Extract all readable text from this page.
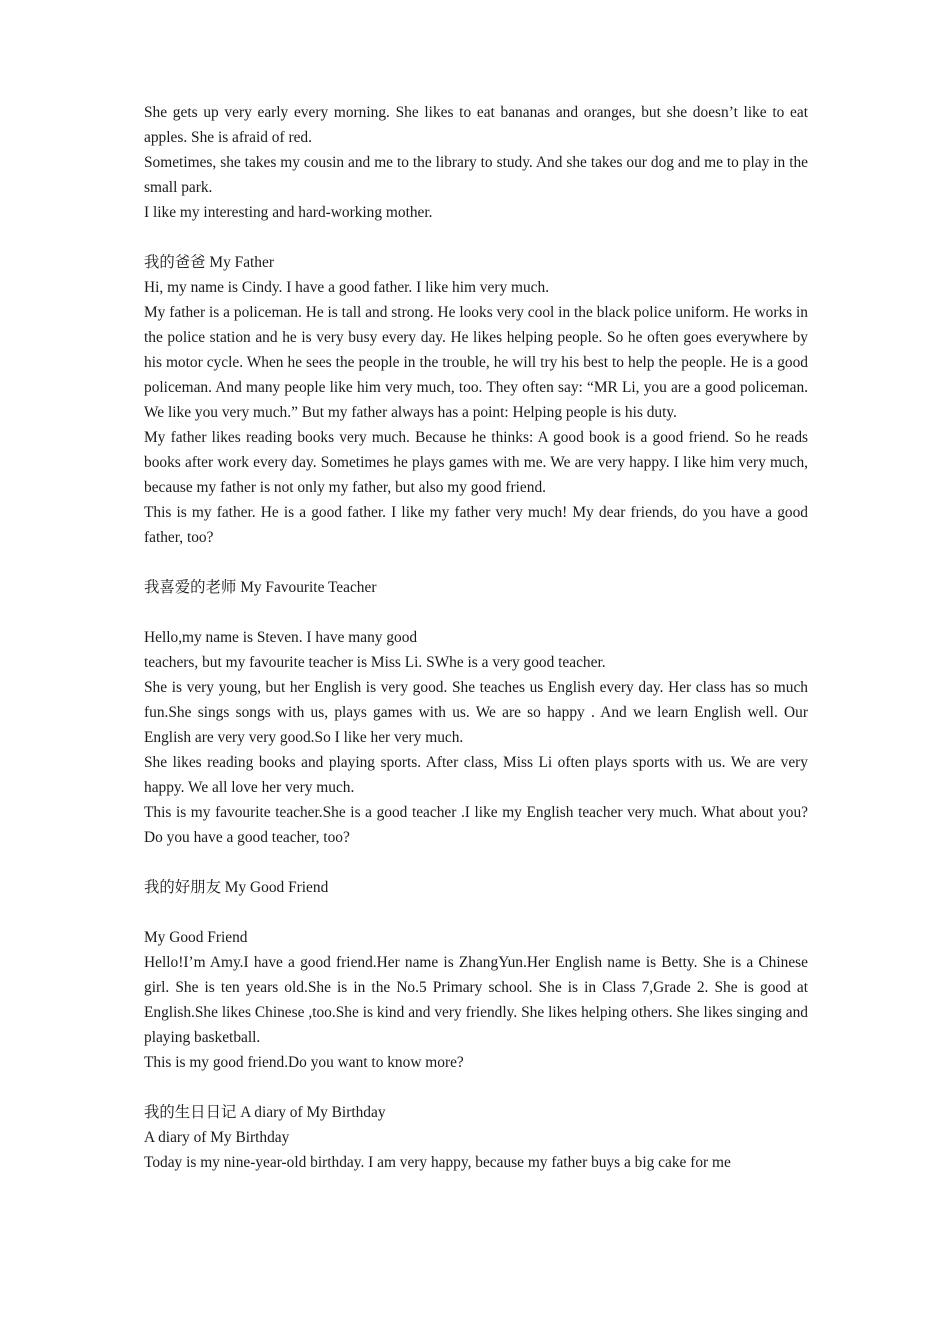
She gets up very early every morning. She likes to eat bananas and oranges, but she doesn’t like to eat apples. She is afraid of red.

Sometimes, she takes my cousin and me to the library to study. And she takes our dog and me to play in the small park.

I like my interesting and hard-working mother.

我的爸爸 My Father

Hi, my name is Cindy. I have a good father. I like him very much.

My father is a policeman. He is tall and strong. He looks very cool in the black police uniform. He works in the police station and he is very busy every day. He likes helping people. So he often goes everywhere by his motor cycle. When he sees the people in the trouble, he will try his best to help the people. He is a good policeman. And many people like him very much, too. They often say: “MR Li, you are a good policeman. We like you very much.” But my father always has a point: Helping people is his duty.

My father likes reading books very much. Because he thinks: A good book is a good friend. So he reads books after work every day. Sometimes he plays games with me. We are very happy. I like him very much, because my father is not only my father, but also my good friend.

This is my father. He is a good father. I like my father very much! My dear friends, do you have a good father, too?

我喜爱的老师 My Favourite Teacher

Hello,my name is Steven. I have many good

teachers, but my favourite teacher is Miss Li. SWhe is a very good teacher.

She is very young, but her English is very good. She teaches us English every day. Her class has so much fun.She sings songs with us, plays games with us. We are so happy . And we learn English well. Our English are very very good.So I like her very much.

She likes reading books and playing sports. After class, Miss Li often plays sports with us. We are very happy. We all love her very much.

This is my favourite teacher.She is a good teacher .I like my English teacher very much. What about you?Do you have a good teacher, too?

我的好朋友 My Good Friend

My Good Friend

Hello!I’m Amy.I have a good friend.Her name is ZhangYun.Her English name is Betty. She is a Chinese girl. She is ten years old.She is in the No.5 Primary school. She is in Class 7,Grade 2. She is good at English.She likes Chinese ,too.She is kind and very friendly. She likes helping others. She likes singing and playing basketball.

This is my good friend.Do you want to know more?

我的生日日记 A diary of My Birthday

A diary of My Birthday

Today is my nine-year-old birthday. I am very happy, because my father buys a big cake for me
